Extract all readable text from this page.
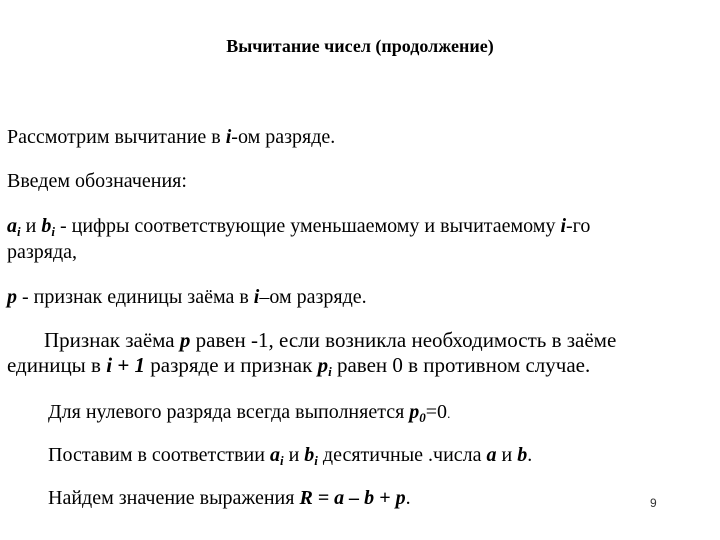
Вычитание чисел (продолжение)
Рассмотрим вычитание в i-ом разряде.
Введем обозначения:
$a_i$ и $b_i$ - цифры соответствующие уменьшаемому и вычитаемому i-го
разряда,
p - признак единицы заёма в i–ом разряде.
Признак заёма p равен -1, если возникла необходимость в заёме
единицы в i + 1 разряде и признак $p_i$ равен 0 в противном случае.
Для нулевого разряда всегда выполняется $p_0=0$.
Поставим в соответствии $a_i$ и $b_i$ десятичные .числа a и b.
Найдем значение выражения R = a – b + p.	9
